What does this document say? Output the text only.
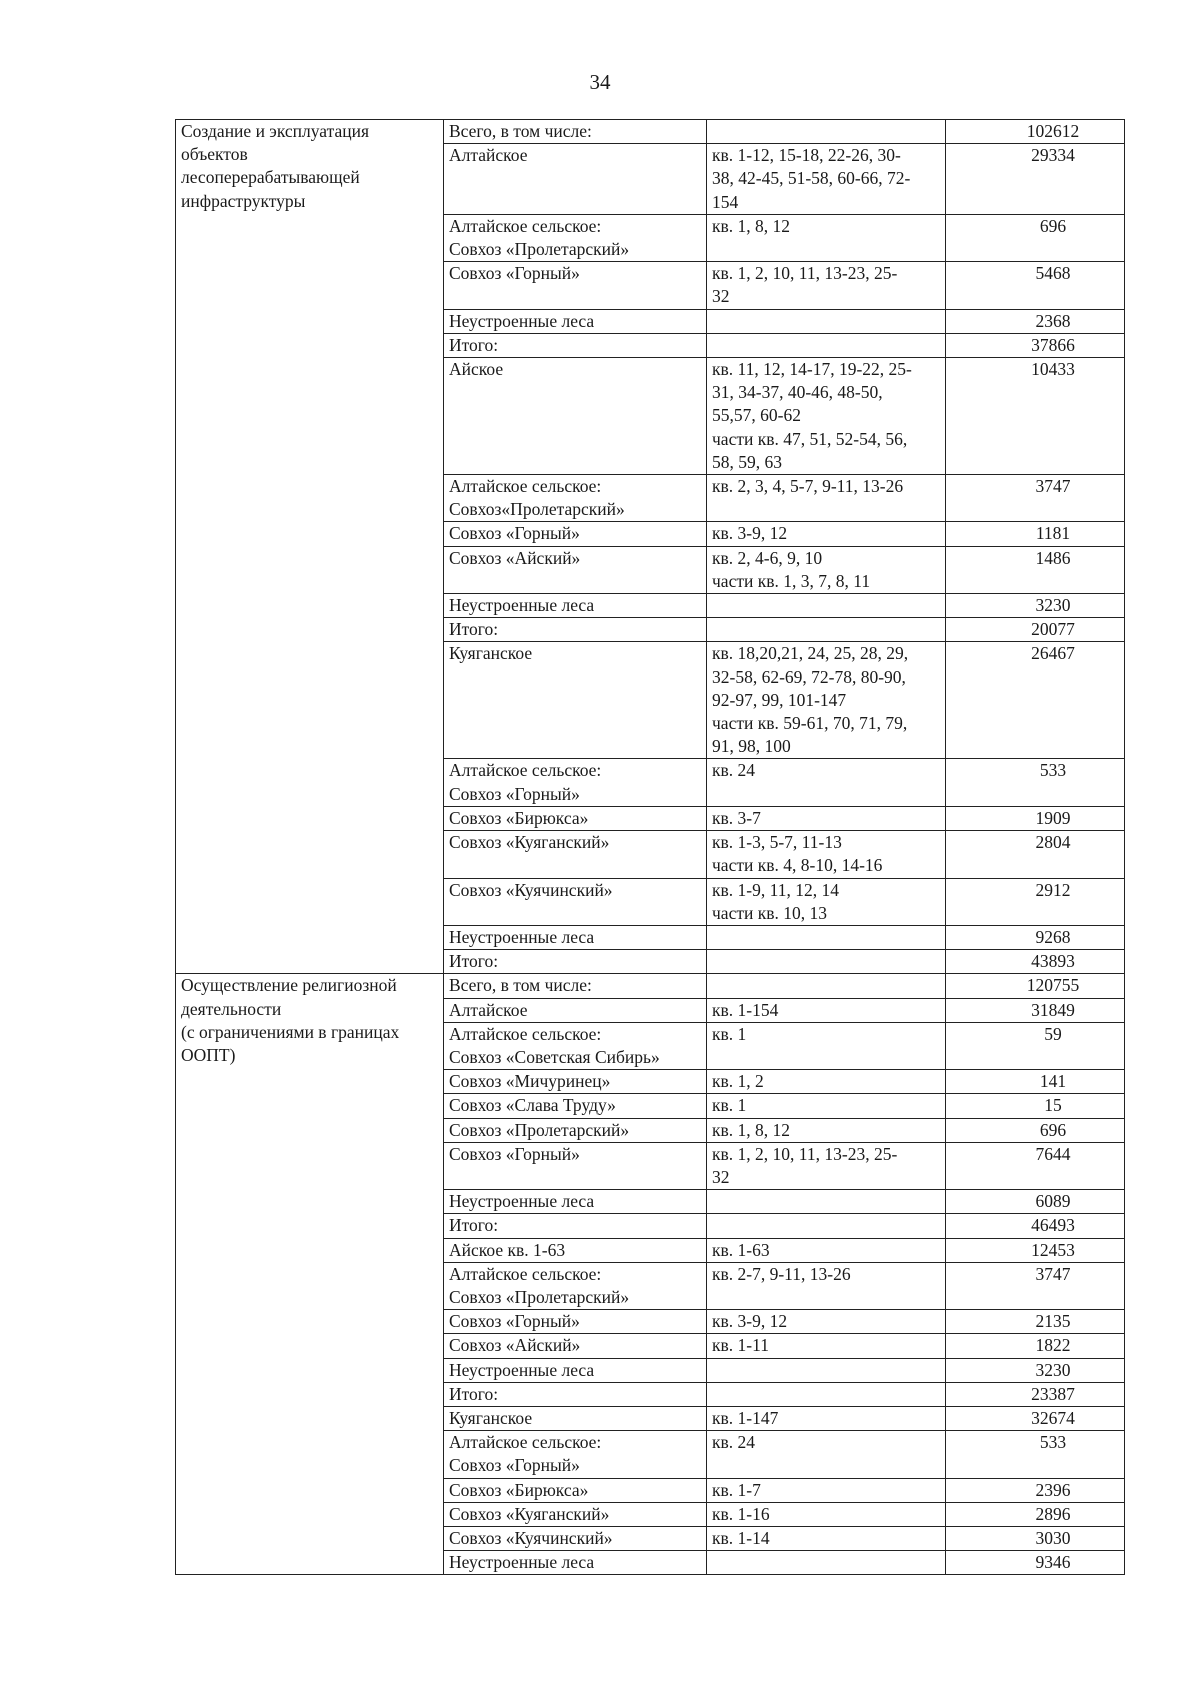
34
Создание и эксплуатация
объектов
лесоперерабатывающей
инфраструктуры	Всего, в том числе:		102612
	Алтайское	кв. 1-12, 15-18, 22-26, 30-
38, 42-45, 51-58, 60-66, 72-
154	29334
	Алтайское сельское:
Совхоз «Пролетарский»	кв. 1, 8, 12	696
	Совхоз «Горный»	кв. 1, 2, 10, 11, 13-23, 25-
32	5468
	Неустроенные леса		2368
	Итого:		37866
	Айское	кв. 11, 12, 14-17, 19-22, 25-
31, 34-37, 40-46, 48-50,
55,57, 60-62
части кв. 47, 51, 52-54, 56,
58, 59, 63	10433
	Алтайское сельское:
Совхоз«Пролетарский»	кв. 2, 3, 4, 5-7, 9-11, 13-26	3747
	Совхоз «Горный»	кв. 3-9, 12	1181
	Совхоз «Айский»	кв. 2, 4-6, 9, 10
части кв. 1, 3, 7, 8, 11	1486
	Неустроенные леса		3230
	Итого:		20077
	Куяганское	кв. 18,20,21, 24, 25, 28, 29,
32-58, 62-69, 72-78, 80-90,
92-97, 99, 101-147
части кв. 59-61, 70, 71, 79,
91, 98, 100	26467
	Алтайское сельское:
Совхоз «Горный»	кв. 24	533
	Совхоз «Бирюкса»	кв. 3-7	1909
	Совхоз «Куяганский»	кв. 1-3, 5-7, 11-13
части кв. 4, 8-10, 14-16	2804
	Совхоз «Куячинский»	кв. 1-9, 11, 12, 14
части кв. 10, 13	2912
	Неустроенные леса		9268
	Итого:		43893
Осуществление религиозной
деятельности
(с ограничениями в границах
ООПТ)	Всего, в том числе:		120755
	Алтайское	кв. 1-154	31849
	Алтайское сельское:
Совхоз «Советская Сибирь»	кв. 1	59
	Совхоз «Мичуринец»	кв. 1, 2	141
	Совхоз «Слава Труду»	кв. 1	15
	Совхоз «Пролетарский»	кв. 1, 8, 12	696
	Совхоз «Горный»	кв. 1, 2, 10, 11, 13-23, 25-
32	7644
	Неустроенные леса		6089
	Итого:		46493
	Айское кв. 1-63	кв. 1-63	12453
	Алтайское сельское:
Совхоз «Пролетарский»	кв. 2-7, 9-11, 13-26	3747
	Совхоз «Горный»	кв. 3-9, 12	2135
	Совхоз «Айский»	кв. 1-11	1822
	Неустроенные леса		3230
	Итого:		23387
	Куяганское	кв. 1-147	32674
	Алтайское сельское:
Совхоз «Горный»	кв. 24	533
	Совхоз «Бирюкса»	кв. 1-7	2396
	Совхоз «Куяганский»	кв. 1-16	2896
	Совхоз «Куячинский»	кв. 1-14	3030
	Неустроенные леса		9346
